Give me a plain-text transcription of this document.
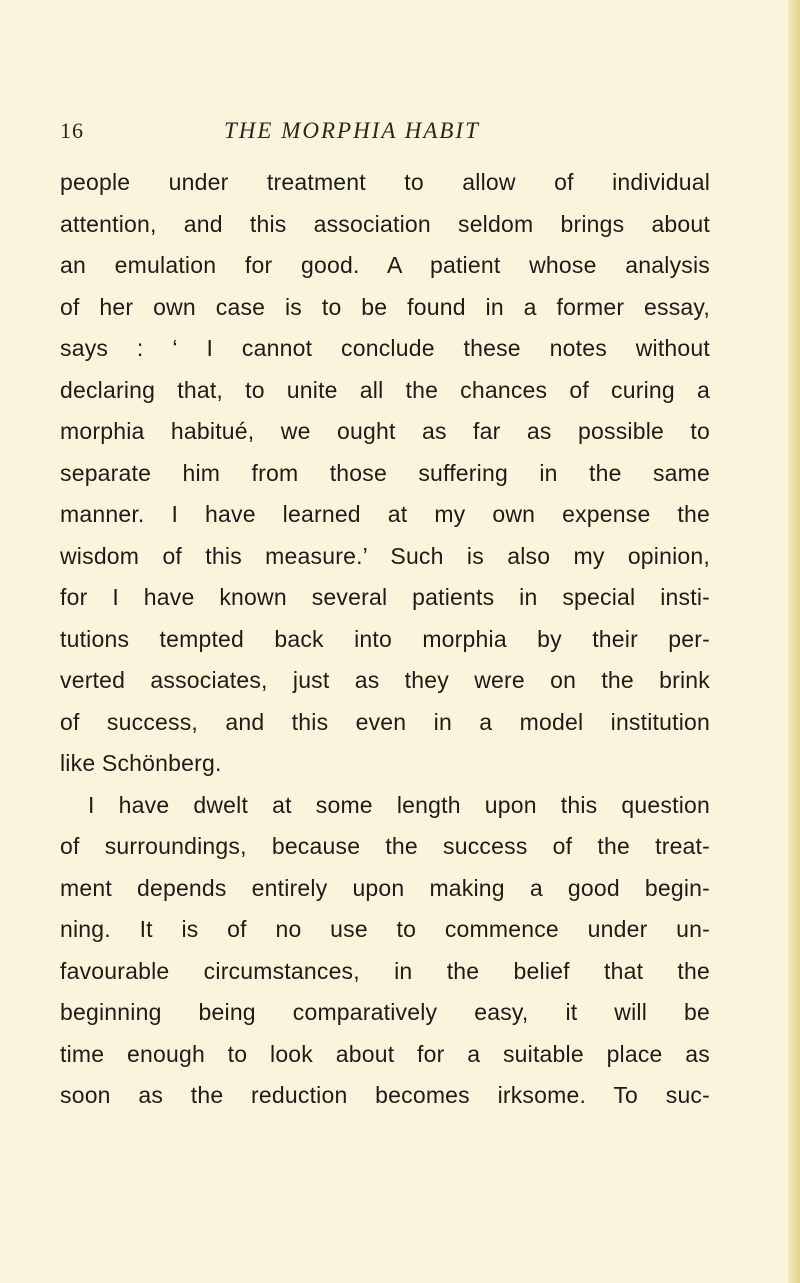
16	THE MORPHIA HABIT
people under treatment to allow of individual
attention, and this association seldom brings about
an emulation for good. A patient whose analysis
of her own case is to be found in a former essay,
says : ‘ I cannot conclude these notes without
declaring that, to unite all the chances of curing a
morphia habitué, we ought as far as possible to
separate him from those suffering in the same
manner. I have learned at my own expense the
wisdom of this measure.’ Such is also my opinion,
for I have known several patients in special insti-
tutions tempted back into morphia by their per-
verted associates, just as they were on the brink
of success, and this even in a model institution
like Schönberg.
I have dwelt at some length upon this question
of surroundings, because the success of the treat-
ment depends entirely upon making a good begin-
ning. It is of no use to commence under un-
favourable circumstances, in the belief that the
beginning being comparatively easy, it will be
time enough to look about for a suitable place as
soon as the reduction becomes irksome. To suc-
